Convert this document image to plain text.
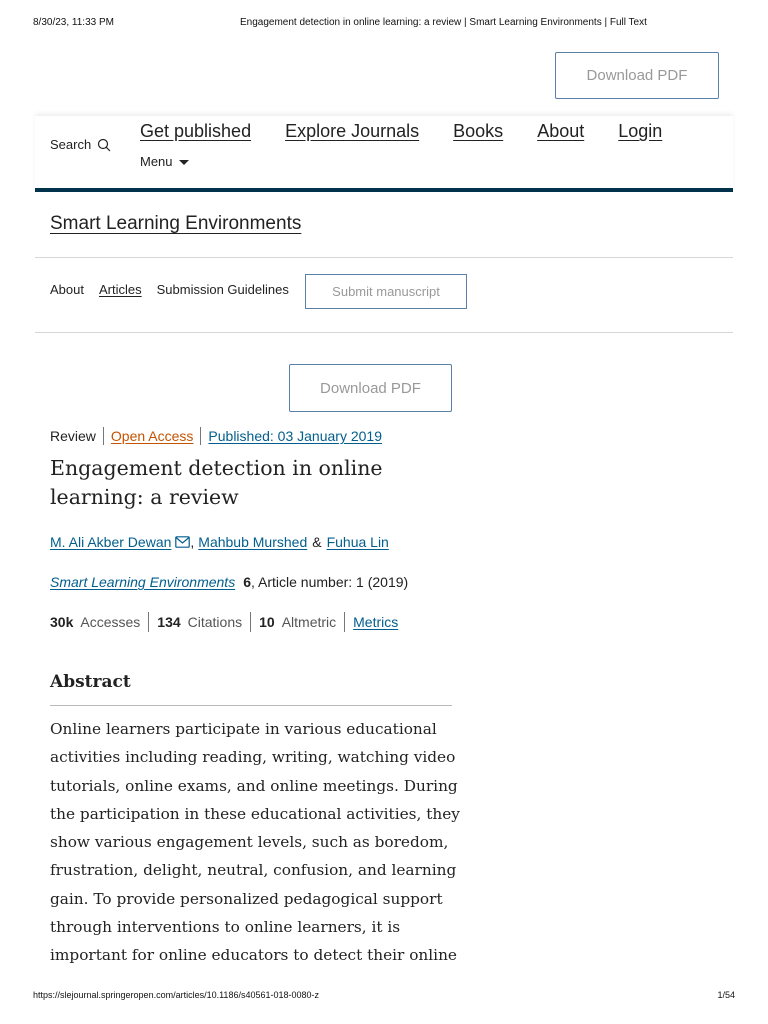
8/30/23, 11:33 PM	Engagement detection in online learning: a review | Smart Learning Environments | Full Text
Download PDF
Search
Get published Explore Journals Books About Login
Menu
Smart Learning Environments
About Articles Submission Guidelines	Submit manuscript
Download PDF
Review Open Access Published: 03 January 2019
Engagement detection in online learning: a review
M. Ali Akber Dewan , Mahbub Murshed & Fuhua Lin
Smart Learning Environments 6, Article number: 1 (2019)
30k Accesses 134 Citations 10 Altmetric Metrics
Abstract
Online learners participate in various educational
activities including reading, writing, watching video
tutorials, online exams, and online meetings. During
the participation in these educational activities, they
show various engagement levels, such as boredom,
frustration, delight, neutral, confusion, and learning
gain. To provide personalized pedagogical support
through interventions to online learners, it is
important for online educators to detect their online
https://slejournal.springeropen.com/articles/10.1186/s40561-018-0080-z	1/54
